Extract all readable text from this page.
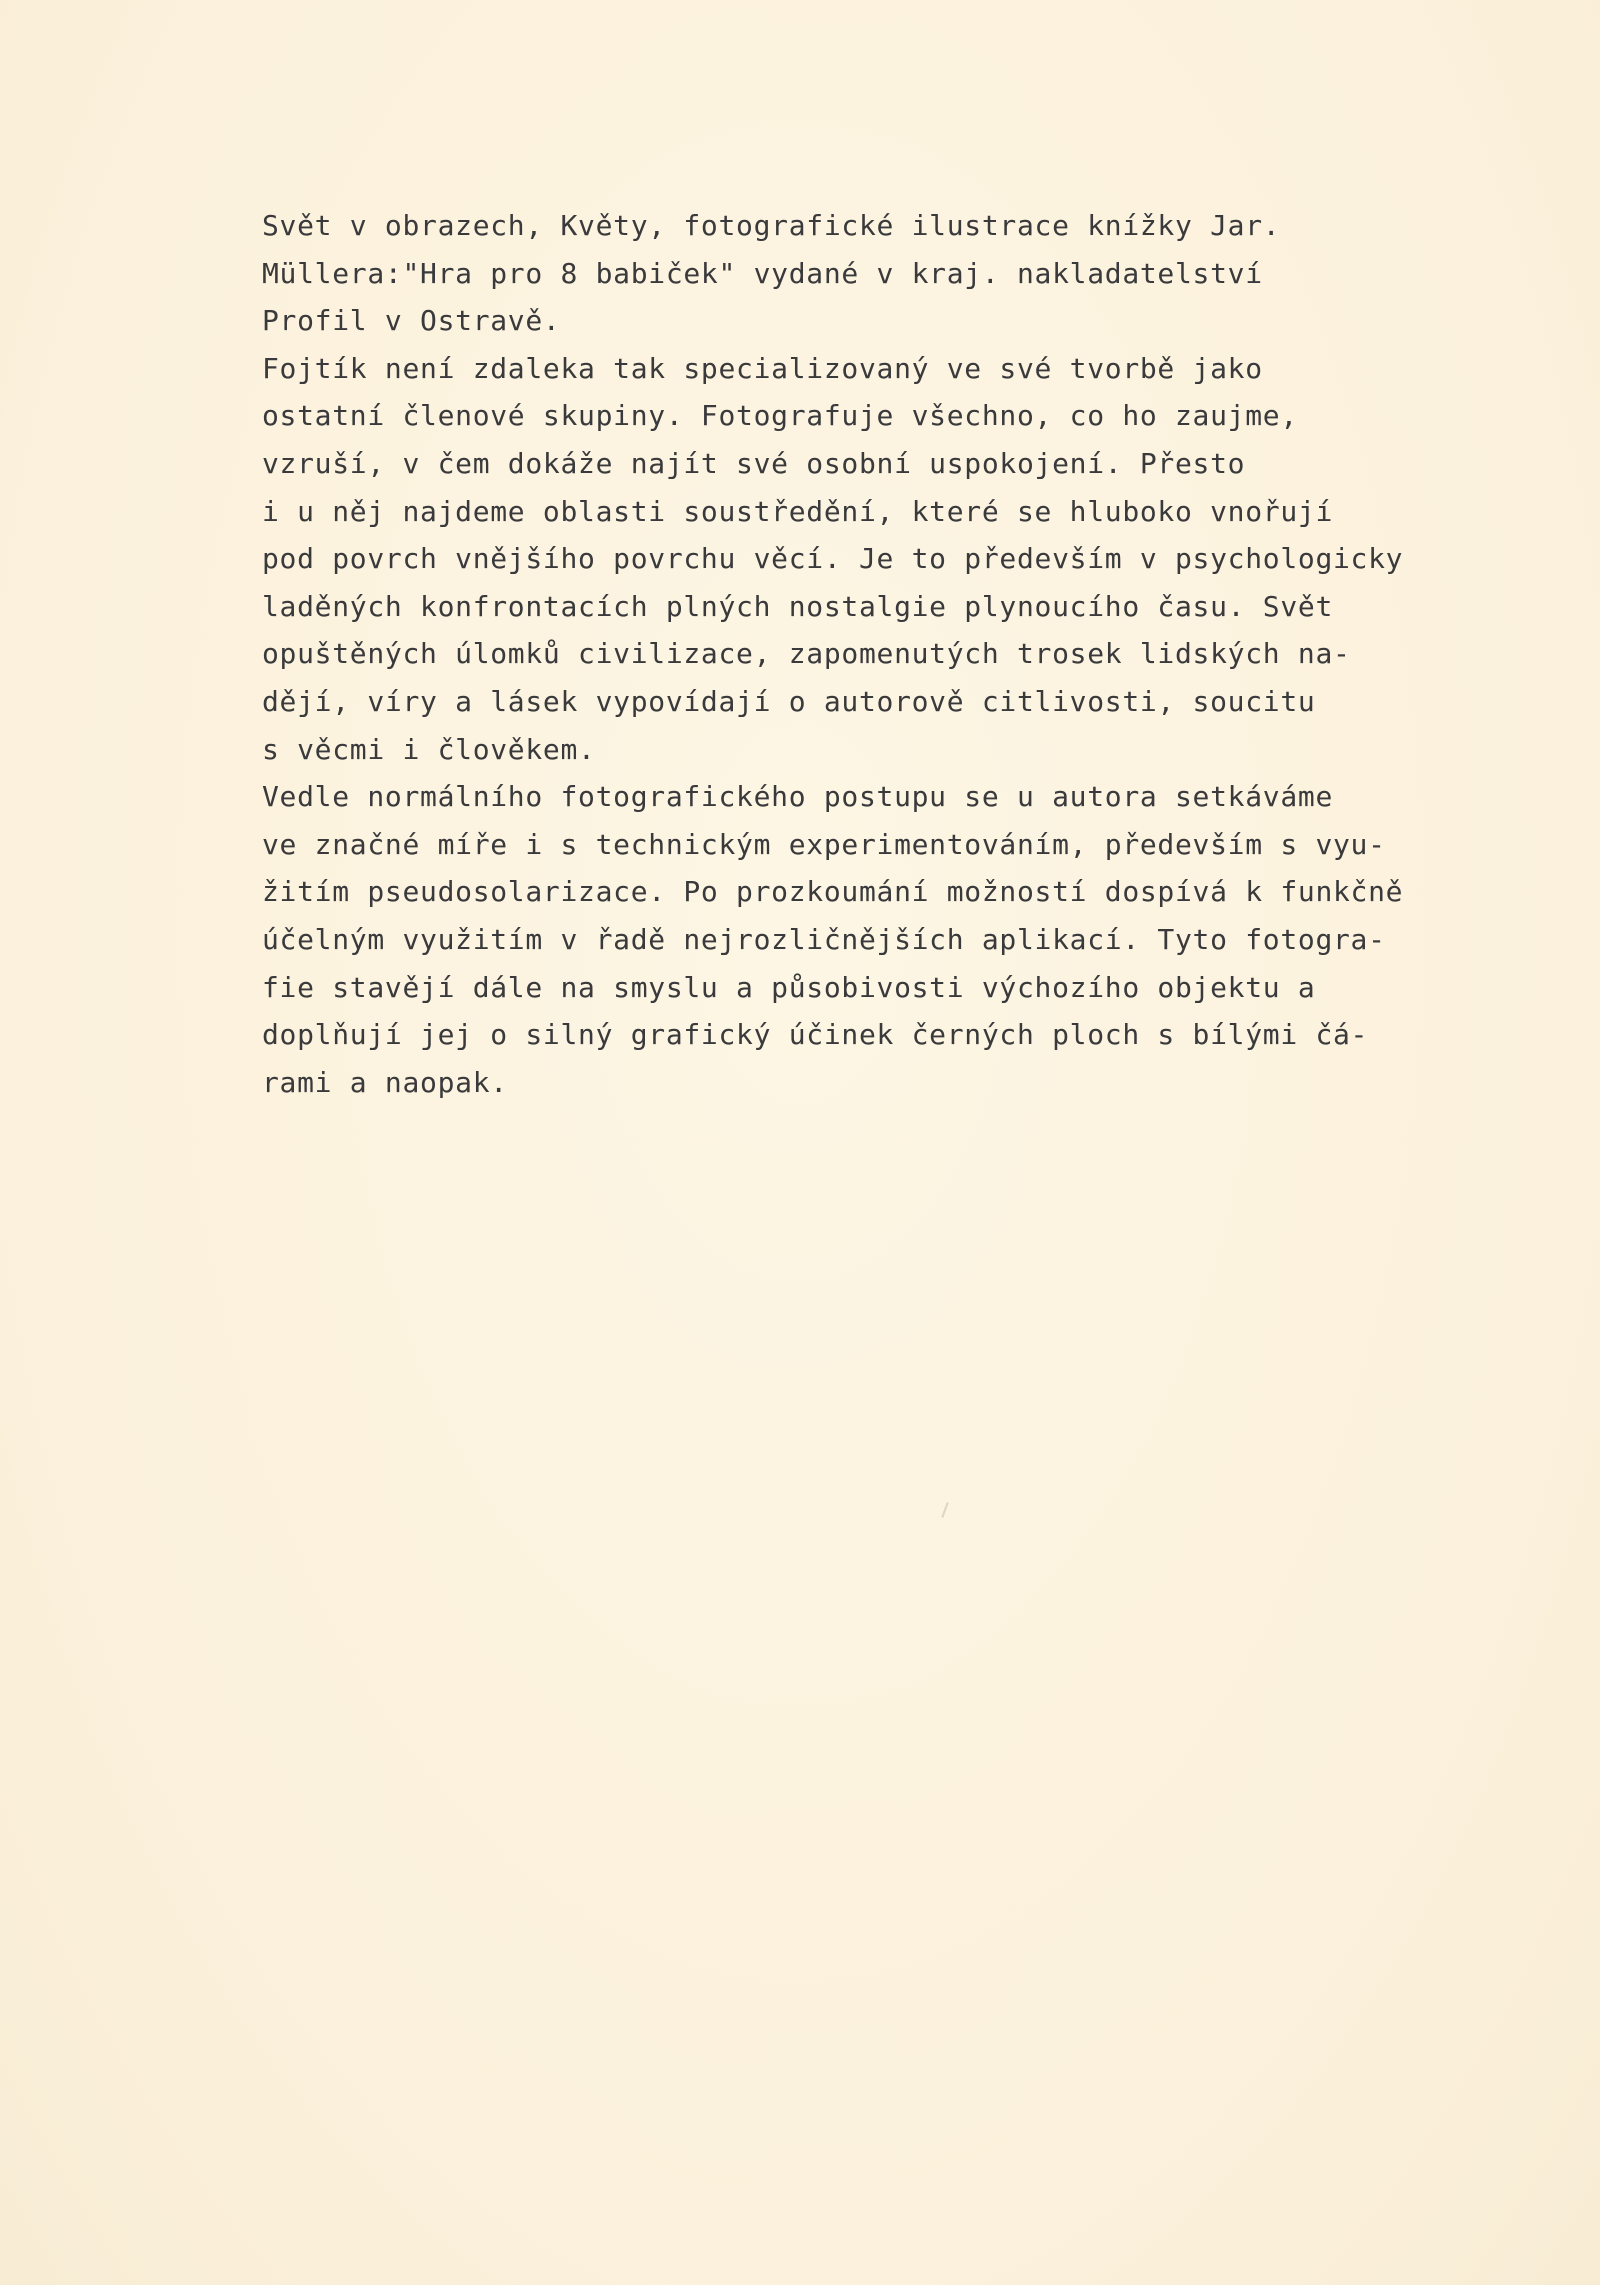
Svět v obrazech, Květy, fotografické ilustrace knížky Jar.
Müllera:"Hra pro 8 babiček" vydané v kraj. nakladatelství
Profil v Ostravě.
Fojtík není zdaleka tak specializovaný ve své tvorbě jako
ostatní členové skupiny. Fotografuje všechno, co ho zaujme,
vzruší, v čem dokáže najít své osobní uspokojení. Přesto
i u něj najdeme oblasti soustředění, které se hluboko vnořují
pod povrch vnějšího povrchu věcí. Je to především v psychologicky
laděných konfrontacích plných nostalgie plynoucího času. Svět
opuštěných úlomků civilizace, zapomenutých trosek lidských na-
dějí, víry a lásek vypovídají o autorově citlivosti, soucitu
s věcmi i člověkem.
Vedle normálního fotografického postupu se u autora setkáváme
ve značné míře i s technickým experimentováním, především s vyu-
žitím pseudosolarizace. Po prozkoumání možností dospívá k funkčně
účelným využitím v řadě nejrozličnějších aplikací. Tyto fotogra-
fie stavějí dále na smyslu a působivosti výchozího objektu a
doplňují jej o silný grafický účinek černých ploch s bílými čá-
rami a naopak.
